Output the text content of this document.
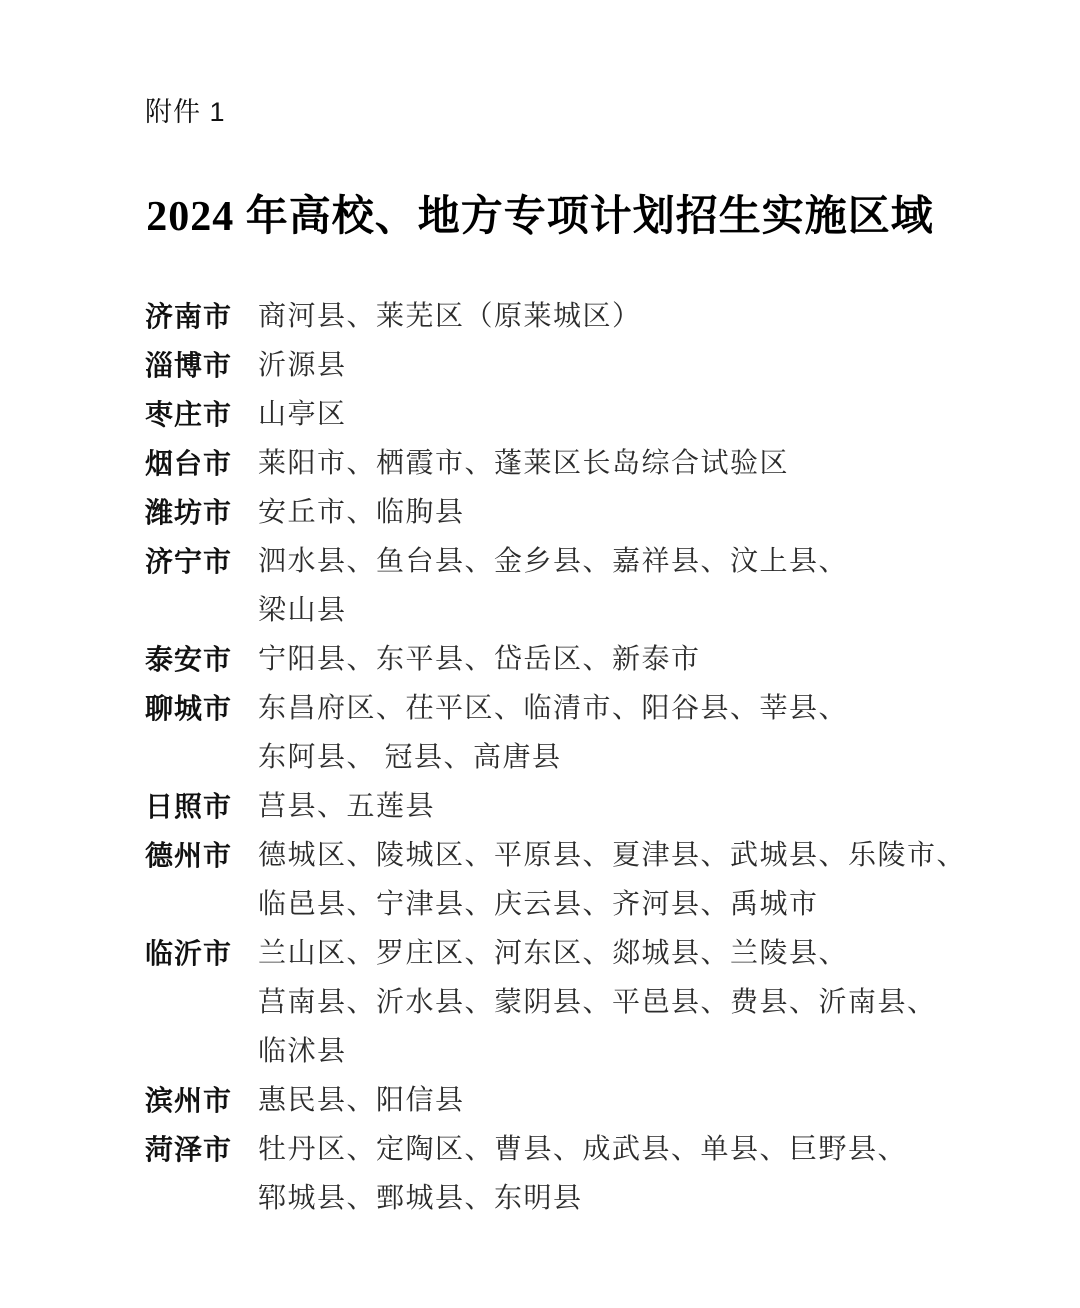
附件 1
2024 年高校、地方专项计划招生实施区域
济南市 商河县、莱芜区（原莱城区）
淄博市 沂源县
枣庄市 山亭区
烟台市 莱阳市、栖霞市、蓬莱区长岛综合试验区
潍坊市 安丘市、临朐县
济宁市 泗水县、鱼台县、金乡县、嘉祥县、汶上县、
梁山县
泰安市 宁阳县、东平县、岱岳区、新泰市
聊城市 东昌府区、茌平区、临清市、阳谷县、莘县、
东阿县、 冠县、高唐县
日照市 莒县、五莲县
德州市 德城区、陵城区、平原县、夏津县、武城县、乐陵市、
临邑县、宁津县、庆云县、齐河县、禹城市
临沂市 兰山区、罗庄区、河东区、郯城县、兰陵县、
莒南县、沂水县、蒙阴县、平邑县、费县、沂南县、
临沭县
滨州市 惠民县、阳信县
菏泽市 牡丹区、定陶区、曹县、成武县、单县、巨野县、
郓城县、鄄城县、东明县
